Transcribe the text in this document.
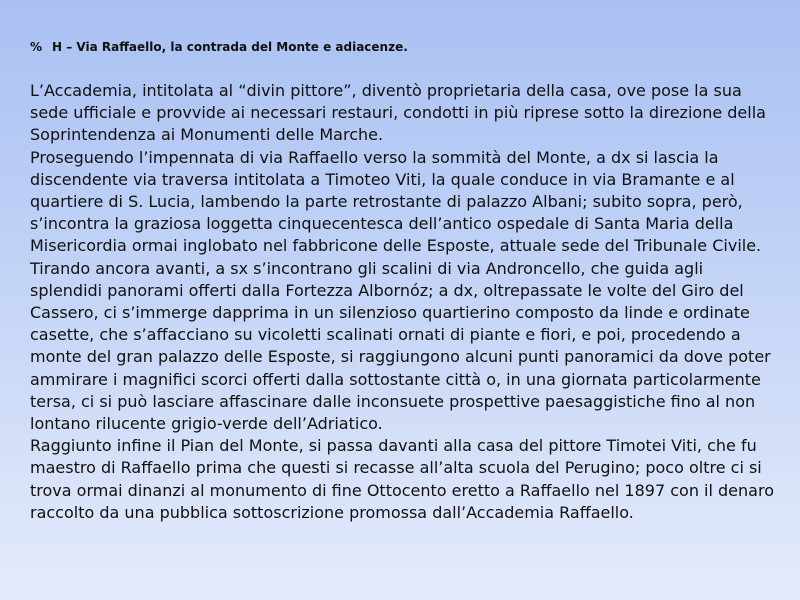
% H – Via Raffaello, la contrada del Monte e adiacenze.

L’Accademia, intitolata al “divin pittore”, diventò proprietaria della casa, ove pose la sua sede ufficiale e provvide ai necessari restauri, condotti in più riprese sotto la direzione della Soprintendenza ai Monumenti delle Marche.

Proseguendo l’impennata di via Raffaello verso la sommità del Monte, a dx si lascia la discendente via traversa intitolata a Timoteo Viti, la quale conduce in via Bramante e al quartiere di S. Lucia, lambendo la parte retrostante di palazzo Albani; subito sopra, però, s’incontra la graziosa loggetta cinquecentesca dell’antico ospedale di Santa Maria della Misericordia ormai inglobato nel fabbricone delle Esposte, attuale sede del Tribunale Civile. Tirando ancora avanti, a sx s’incontrano gli scalini di via Androncello, che guida agli splendidi panorami offerti dalla Fortezza Albornóz; a dx, oltrepassate le volte del Giro del Cassero, ci s’immerge dapprima in un silenzioso quartierino composto da linde e ordinate casette, che s’affacciano su vicoletti scalinati ornati di piante e fiori, e poi, procedendo a monte del gran palazzo delle Esposte, si raggiungono alcuni punti panoramici da dove poter ammirare i magnifici scorci offerti dalla sottostante città o, in una giornata particolarmente tersa, ci si può lasciare affascinare dalle inconsuete prospettive paesaggistiche fino al non lontano rilucente grigio-verde dell’Adriatico.

Raggiunto infine il Pian del Monte, si passa davanti alla casa del pittore Timotei Viti, che fu maestro di Raffaello prima che questi si recasse all’alta scuola del Perugino; poco oltre ci si trova ormai dinanzi al monumento di fine Ottocento eretto a Raffaello nel 1897 con il denaro raccolto da una pubblica sottoscrizione promossa dall’Accademia Raffaello.
